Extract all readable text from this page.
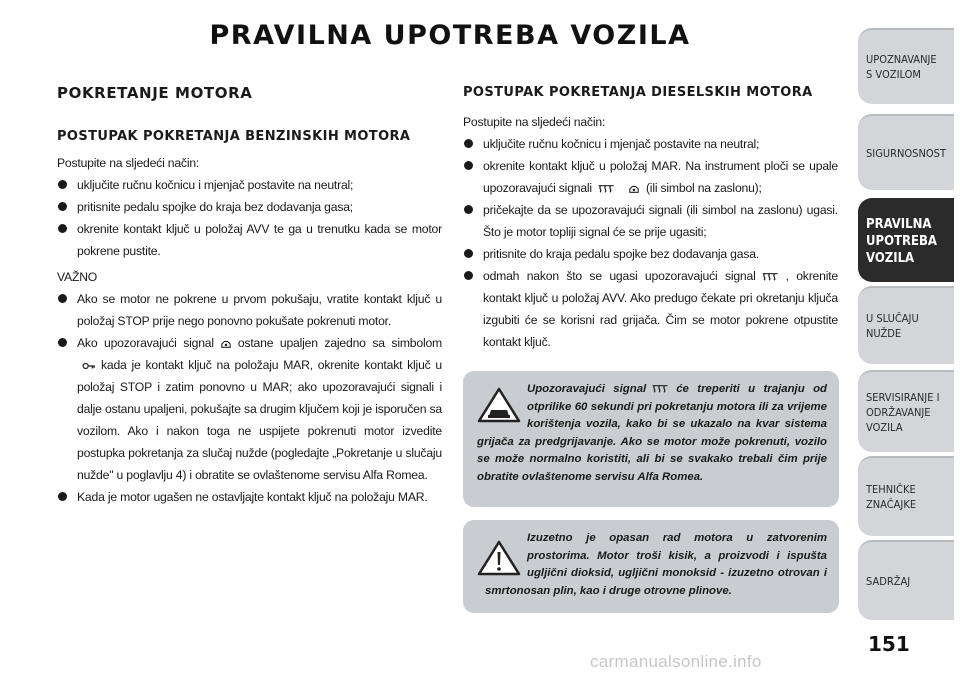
PRAVILNA UPOTREBA VOZILA
POKRETANJE MOTORA
POSTUPAK POKRETANJA BENZINSKIH MOTORA
Postupite na sljedeći način:
uključite ručnu kočnicu i mjenjač postavite na neutral;
pritisnite pedalu spojke do kraja bez dodavanja gasa;
okrenite kontakt ključ u položaj AVV te ga u trenutku kada se motor pokrene pustite.
VAŽNO
Ako se motor ne pokrene u prvom pokušaju, vratite kontakt ključ u položaj STOP prije nego ponovno pokušate pokrenuti motor.
Ako upozoravajući signal ostane upaljen zajedno sa simbolomkada je kontakt ključ na položaju MAR, okrenite kontakt ključ u položaj STOP i zatim ponovno u MAR; ako upozoravajući signali i dalje ostanu upaljeni, pokušajte sa drugim ključem koji je isporučen sa vozilom. Ako i nakon toga ne uspijete pokrenuti motor izvedite postupka pokretanja za slučaj nužde (pogledajte „Pokretanje u slučaju nužde" u poglavlju 4) i obratite se ovlaštenome servisu Alfa Romea.
Kada je motor ugašen ne ostavljajte kontakt ključ na položaju MAR.
POSTUPAK POKRETANJA DIESELSKIH MOTORA
Postupite na sljedeći način:
uključite ručnu kočnicu i mjenjač postavite na neutral;
okrenite kontakt ključ u položaj MAR. Na instrument ploči se upale upozoravajući signali	(ili simbol na zaslonu);
pričekajte da se upozoravajući signali (ili simbol na zaslonu) ugasi. Što je motor topliji signal će se prije ugasiti;
pritisnite do kraja pedalu spojke bez dodavanja gasa.
odmah nakon što se ugasi upozoravajući signal , okrenite kontakt ključ u položaj AVV. Ako predugo čekate pri okretanju ključa izgubiti će se korisni rad grijača. Čim se motor pokrene otpustite kontakt ključ.
Upozoravajući signal	će treperiti u trajanju od otprilike 60 sekundi pri pokretanju motora ili za vrijeme korištenja vozila, kako bi se ukazalo na kvar sistema grijača za predgrijavanje. Ako se motor može pokrenuti, vozilo se može normalno koristiti, ali bi se svakako trebali čim prije obratite ovlaštenome servisu Alfa Romea.
Izuzetno je opasan rad motora u zatvorenim prostorima. Motor troši kisik, a proizvodi i ispušta ugljični dioksid, ugljični monoksid - izuzetno otrovan i smrtonosan plin, kao i druge otrovne plinove.
UPOZNAVANJE
S VOZILOM
SIGURNOSNOST
PRAVILNA
UPOTREBA
VOZILA
U SLUČAJU
NUŽDE
SERVISIRANJE I
ODRŽAVANJE
VOZILA
TEHNIČKE
ZNAČAJKE
SADRŽAJ
151
carmanualsonline.info
